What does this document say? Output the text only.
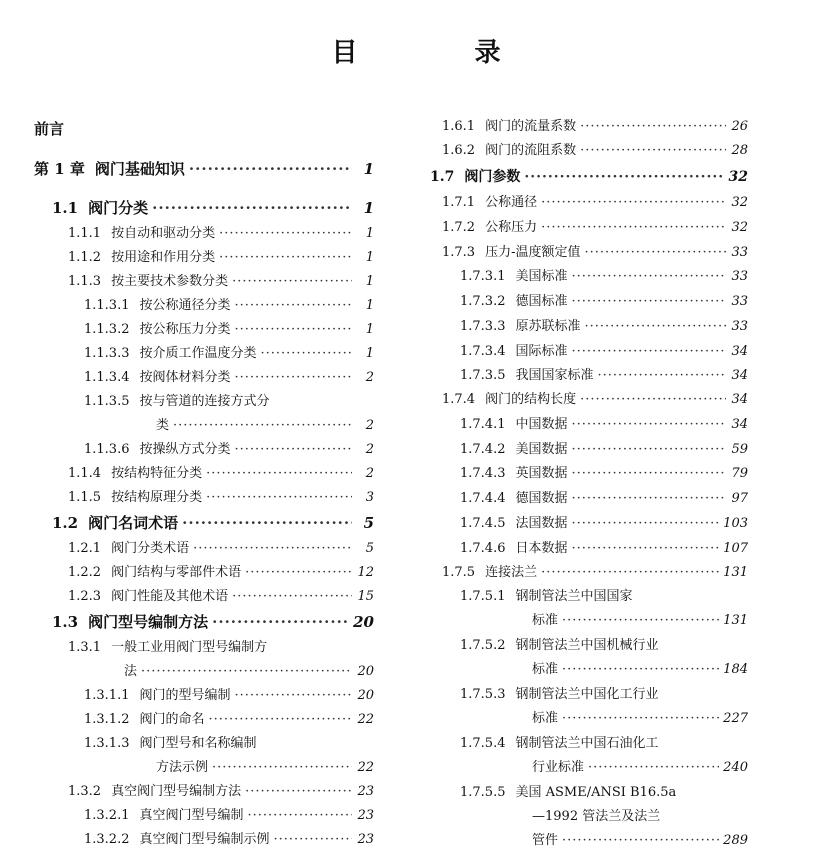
目 录
前言
第 1 章 阀门基础知识 ·····	1
1.1 阀门分类 ·····	1
1.1.1 按自动和驱动分类 ·····	1
1.1.2 按用途和作用分类 ·····	1
1.1.3 按主要技术参数分类 ·····	1
1.1.3.1 按公称通径分类 ·····	1
1.1.3.2 按公称压力分类 ·····	1
1.1.3.3 按介质工作温度分类 ·····	1
1.1.3.4 按阀体材料分类 ·····	2
1.1.3.5 按与管道的连接方式分
类 ·····	2
1.1.3.6 按操纵方式分类 ·····	2
1.1.4 按结构特征分类 ·····	2
1.1.5 按结构原理分类 ·····	3
1.2 阀门名词术语 ·····	5
1.2.1 阀门分类术语 ·····	5
1.2.2 阀门结构与零部件术语 ·····	12
1.2.3 阀门性能及其他术语 ·····	15
1.3 阀门型号编制方法 ·····	20
1.3.1 一般工业用阀门型号编制方
法 ·····	20
1.3.1.1 阀门的型号编制 ·····	20
1.3.1.2 阀门的命名 ·····	22
1.3.1.3 阀门型号和名称编制
方法示例 ·····	22
1.3.2 真空阀门型号编制方法 ·····	23
1.3.2.1 真空阀门型号编制 ·····	23
1.3.2.2 真空阀门型号编制示例 ·····	23
1.6.1 阀门的流量系数 ·····	26
1.6.2 阀门的流阻系数 ·····	28
1.7 阀门参数 ·····	32
1.7.1 公称通径 ·····	32
1.7.2 公称压力 ·····	32
1.7.3 压力-温度额定值 ·····	33
1.7.3.1 美国标准 ·····	33
1.7.3.2 德国标准 ·····	33
1.7.3.3 原苏联标准 ·····	33
1.7.3.4 国际标准 ·····	34
1.7.3.5 我国国家标准 ·····	34
1.7.4 阀门的结构长度 ·····	34
1.7.4.1 中国数据 ·····	34
1.7.4.2 美国数据 ·····	59
1.7.4.3 英国数据 ·····	79
1.7.4.4 德国数据 ·····	97
1.7.4.5 法国数据 ·····	103
1.7.4.6 日本数据 ·····	107
1.7.5 连接法兰 ·····	131
1.7.5.1 钢制管法兰中国国家
标准 ·····	131
1.7.5.2 钢制管法兰中国机械行业
标准 ·····	184
1.7.5.3 钢制管法兰中国化工行业
标准 ·····	227
1.7.5.4 钢制管法兰中国石油化工
行业标准 ·····	240
1.7.5.5 美国 ASME/ANSI B16.5a
—1992 管法兰及法兰
管件 ·····	289
